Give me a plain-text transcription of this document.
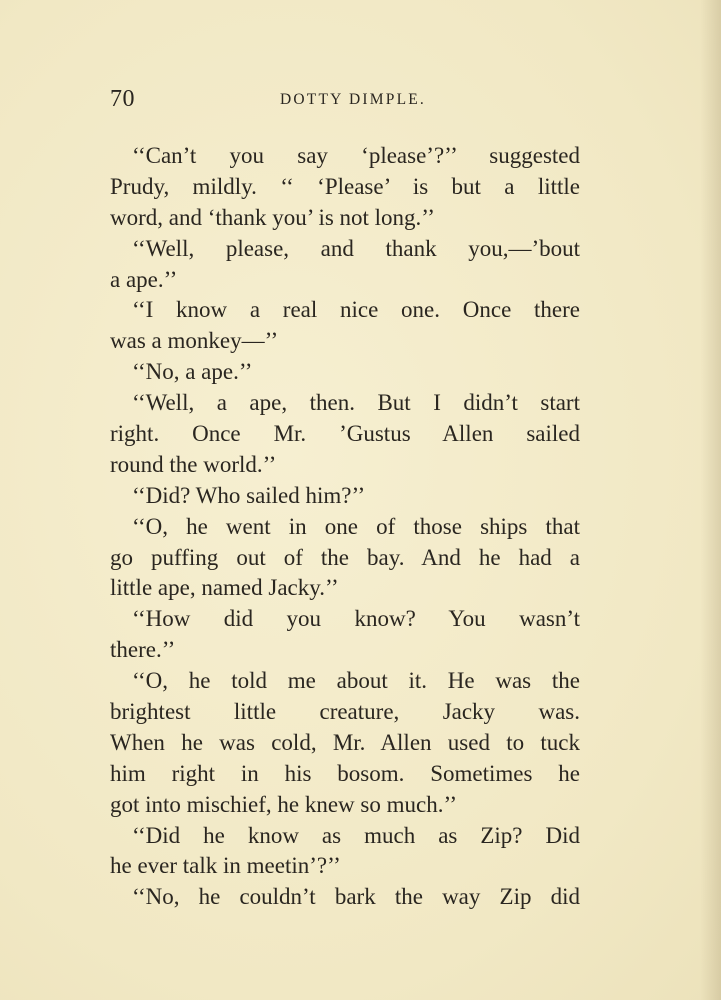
70	DOTTY DIMPLE.
‘‘Can’t you say ‘please’?’’ suggested
Prudy, mildly. ‘‘ ‘Please’ is but a little
word, and ‘thank you’ is not long.’’
‘‘Well, please, and thank you,—’bout
a ape.’’
‘‘I know a real nice one. Once there
was a monkey—’’
‘‘No, a ape.’’
‘‘Well, a ape, then. But I didn’t start
right. Once Mr. ’Gustus Allen sailed
round the world.’’
‘‘Did? Who sailed him?’’
‘‘O, he went in one of those ships that
go puffing out of the bay. And he had a
little ape, named Jacky.’’
‘‘How did you know? You wasn’t
there.’’
‘‘O, he told me about it. He was the
brightest little creature, Jacky was.
When he was cold, Mr. Allen used to tuck
him right in his bosom. Sometimes he
got into mischief, he knew so much.’’
‘‘Did he know as much as Zip? Did
he ever talk in meetin’?’’
‘‘No, he couldn’t bark the way Zip did
